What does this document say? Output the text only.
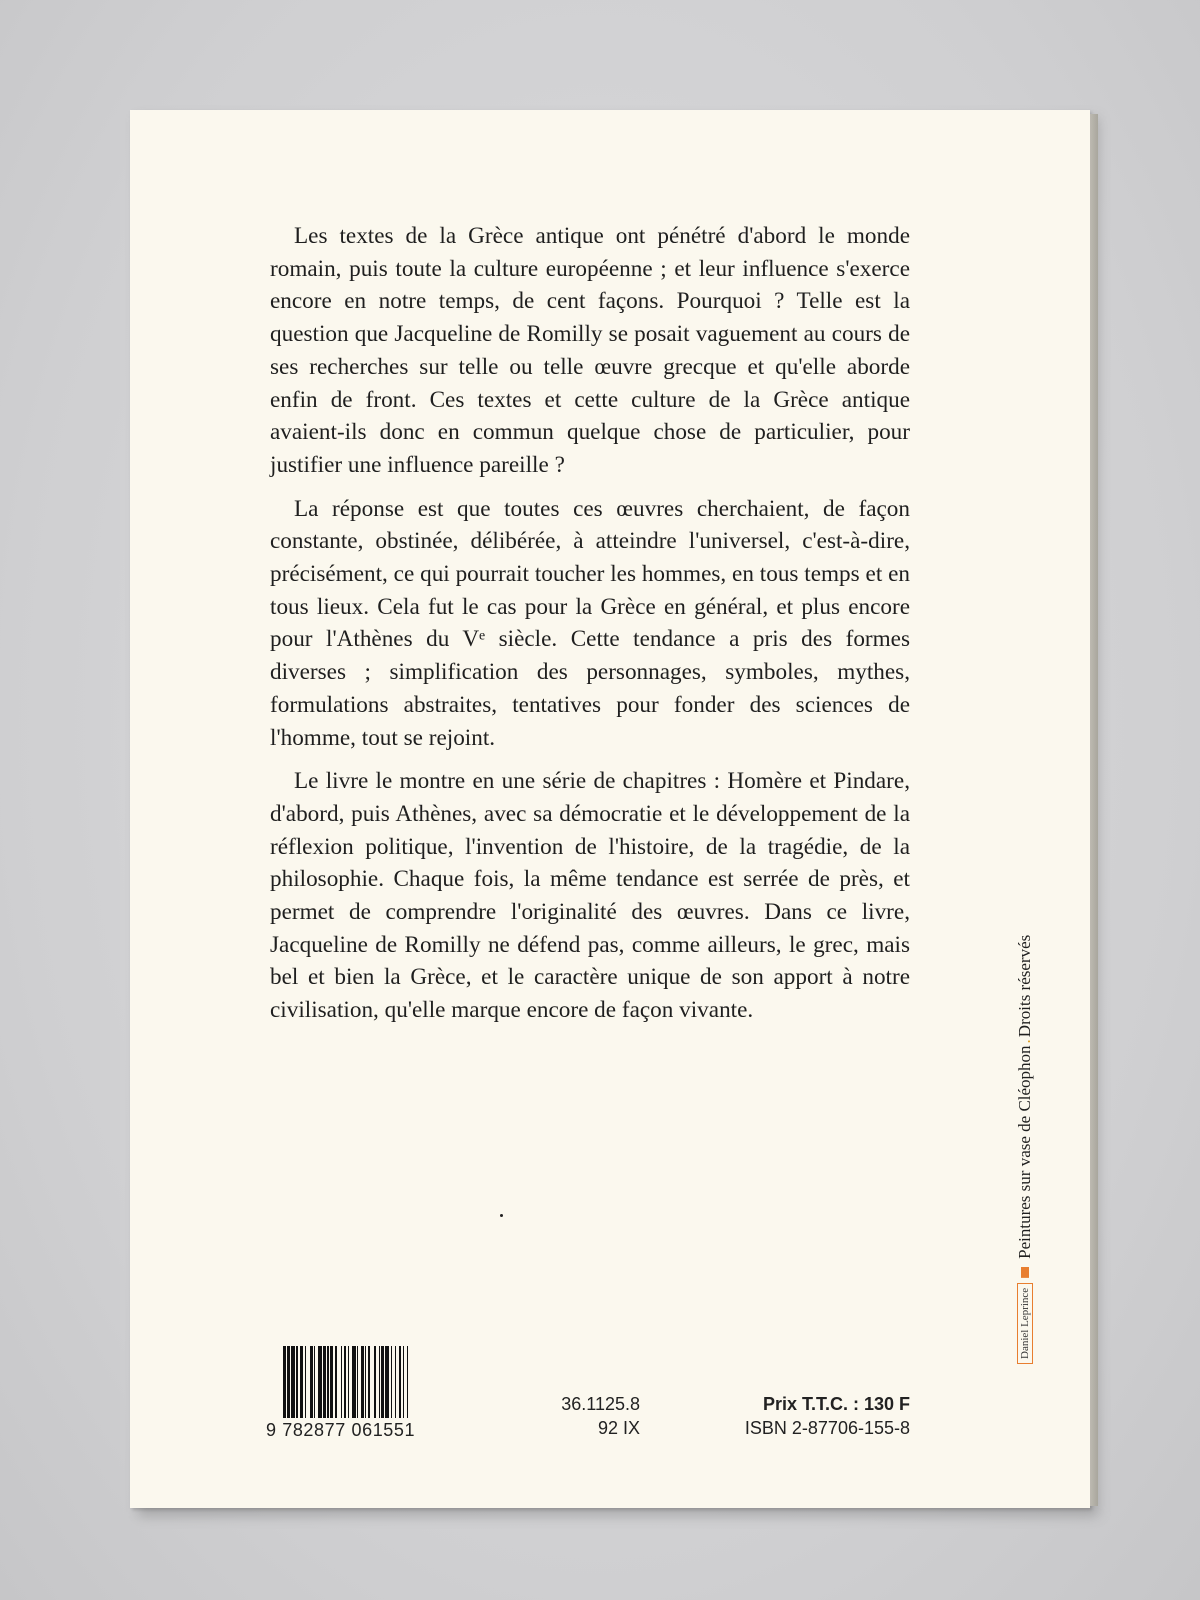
Les textes de la Grèce antique ont pénétré d'abord le monde romain, puis toute la culture européenne ; et leur influence s'exerce encore en notre temps, de cent façons. Pourquoi ? Telle est la question que Jacqueline de Romilly se posait vaguement au cours de ses recherches sur telle ou telle œuvre grecque et qu'elle aborde enfin de front. Ces textes et cette culture de la Grèce antique avaient-ils donc en commun quelque chose de particulier, pour justifier une influence pareille ?

La réponse est que toutes ces œuvres cherchaient, de façon constante, obstinée, délibérée, à atteindre l'universel, c'est-à-dire, précisément, ce qui pourrait toucher les hommes, en tous temps et en tous lieux. Cela fut le cas pour la Grèce en général, et plus encore pour l'Athènes du Vᵉ siècle. Cette tendance a pris des formes diverses ; simplification des personnages, symboles, mythes, formulations abstraites, tentatives pour fonder des sciences de l'homme, tout se rejoint.

Le livre le montre en une série de chapitres : Homère et Pindare, d'abord, puis Athènes, avec sa démocratie et le développement de la réflexion politique, l'invention de l'histoire, de la tragédie, de la philosophie. Chaque fois, la même tendance est serrée de près, et permet de comprendre l'originalité des œuvres. Dans ce livre, Jacqueline de Romilly ne défend pas, comme ailleurs, le grec, mais bel et bien la Grèce, et le caractère unique de son apport à notre civilisation, qu'elle marque encore de façon vivante.

9 782877 061551
36.1125.8
92 IX
Prix T.T.C. : 130 F
ISBN 2-87706-155-8
Daniel Leprince
Peintures sur vase de Cléophon
.
Droits réservés
